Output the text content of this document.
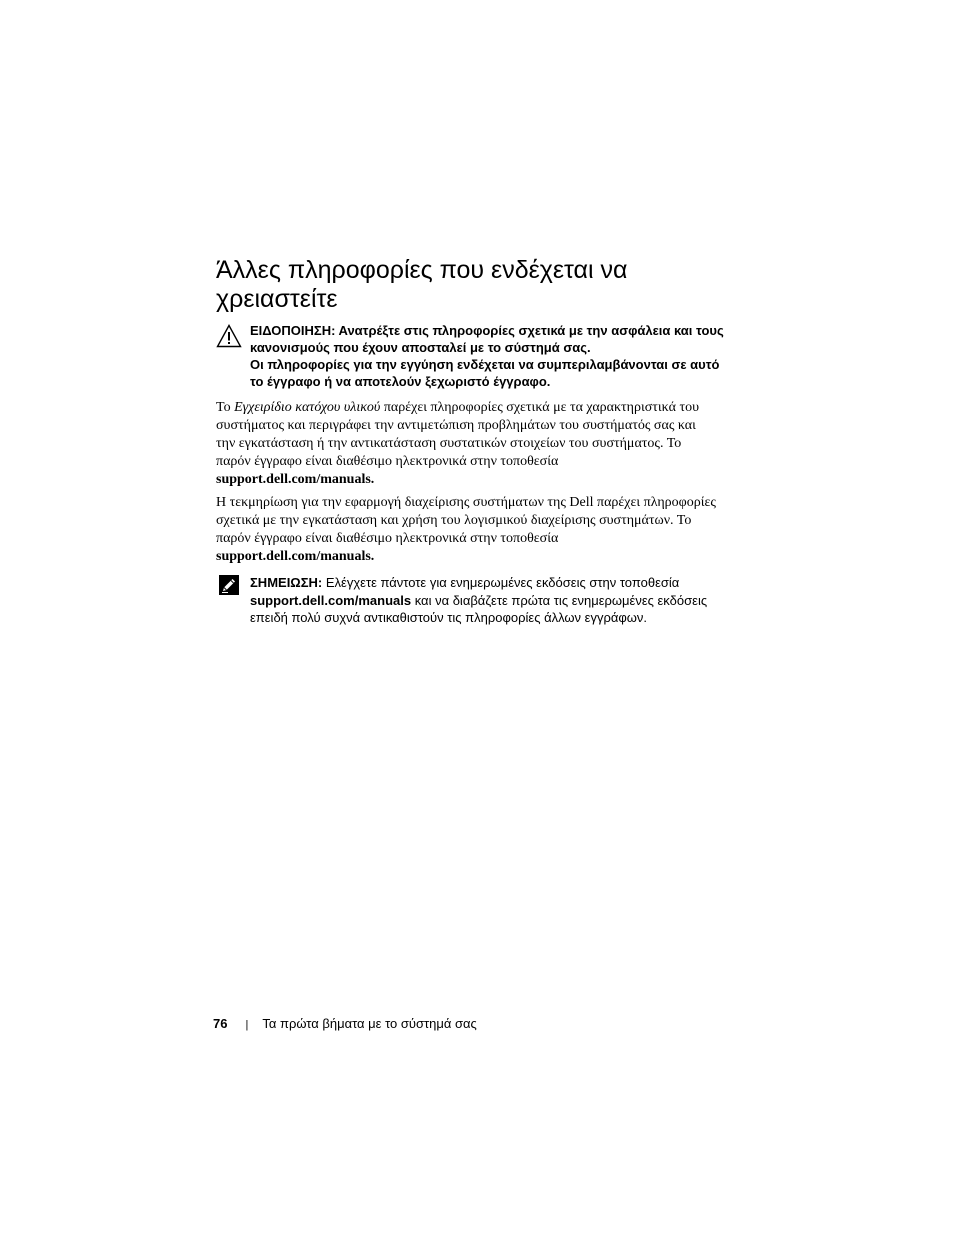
Άλλες πληροφορίες που ενδέχεται να χρειαστείτε

ΕΙΔΟΠΟΙΗΣΗ: Ανατρέξτε στις πληροφορίες σχετικά με την ασφάλεια και τους κανονισμούς που έχουν αποσταλεί με το σύστημά σας.

Οι πληροφορίες για την εγγύηση ενδέχεται να συμπεριλαμβάνονται σε αυτό το έγγραφο ή να αποτελούν ξεχωριστό έγγραφο.

Το Εγχειρίδιο κατόχου υλικού παρέχει πληροφορίες σχετικά με τα χαρακτηριστικά του συστήματος και περιγράφει την αντιμετώπιση προβλημάτων του συστήματός σας και την εγκατάσταση ή την αντικατάσταση συστατικών στοιχείων του συστήματος. Το παρόν έγγραφο είναι διαθέσιμο ηλεκτρονικά στην τοποθεσία
support.dell.com/manuals.

Η τεκμηρίωση για την εφαρμογή διαχείρισης συστήματων της Dell παρέχει πληροφορίες σχετικά με την εγκατάσταση και χρήση του λογισμικού διαχείρισης συστημάτων. Το παρόν έγγραφο είναι διαθέσιμο ηλεκτρονικά στην τοποθεσία
support.dell.com/manuals.

ΣΗΜΕΙΩΣΗ: Ελέγχετε πάντοτε για ενημερωμένες εκδόσεις στην τοποθεσία support.dell.com/manuals και να διαβάζετε πρώτα τις ενημερωμένες εκδόσεις επειδή πολύ συχνά αντικαθιστούν τις πληροφορίες άλλων εγγράφων.
76 | Τα πρώτα βήματα με το σύστημά σας
